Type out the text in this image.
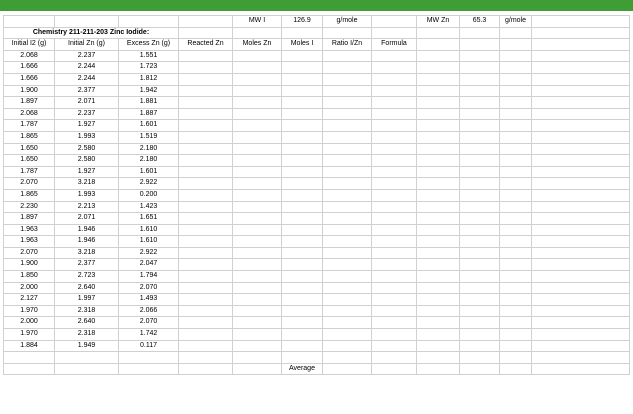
				MW I	126.9	g/mole		MW Zn	65.3	g/mole	
Chemistry 211-211-203 Zinc Iodide:											
Initial I2 (g)	Initial Zn (g)	Excess Zn (g)	Reacted Zn	Moles Zn	Moles I	Ratio I/Zn	Formula				
2.068	2.237	1.551									
1.666	2.244	1.723									
1.666	2.244	1.812									
1.900	2.377	1.942									
1.897	2.071	1.881									
2.068	2.237	1.887									
1.787	1.927	1.601									
1.865	1.993	1.519									
1.650	2.580	2.180									
1.650	2.580	2.180									
1.787	1.927	1.601									
2.070	3.218	2.922									
1.865	1.993	0.200									
2.230	2.213	1.423									
1.897	2.071	1.651									
1.963	1.946	1.610									
1.963	1.946	1.610									
2.070	3.218	2.922									
1.900	2.377	2.047									
1.850	2.723	1.794									
2.000	2.640	2.070									
2.127	1.997	1.493									
1.970	2.318	2.066									
2.000	2.640	2.070									
1.970	2.318	1.742									
1.884	1.949	0.117									

					Average						
